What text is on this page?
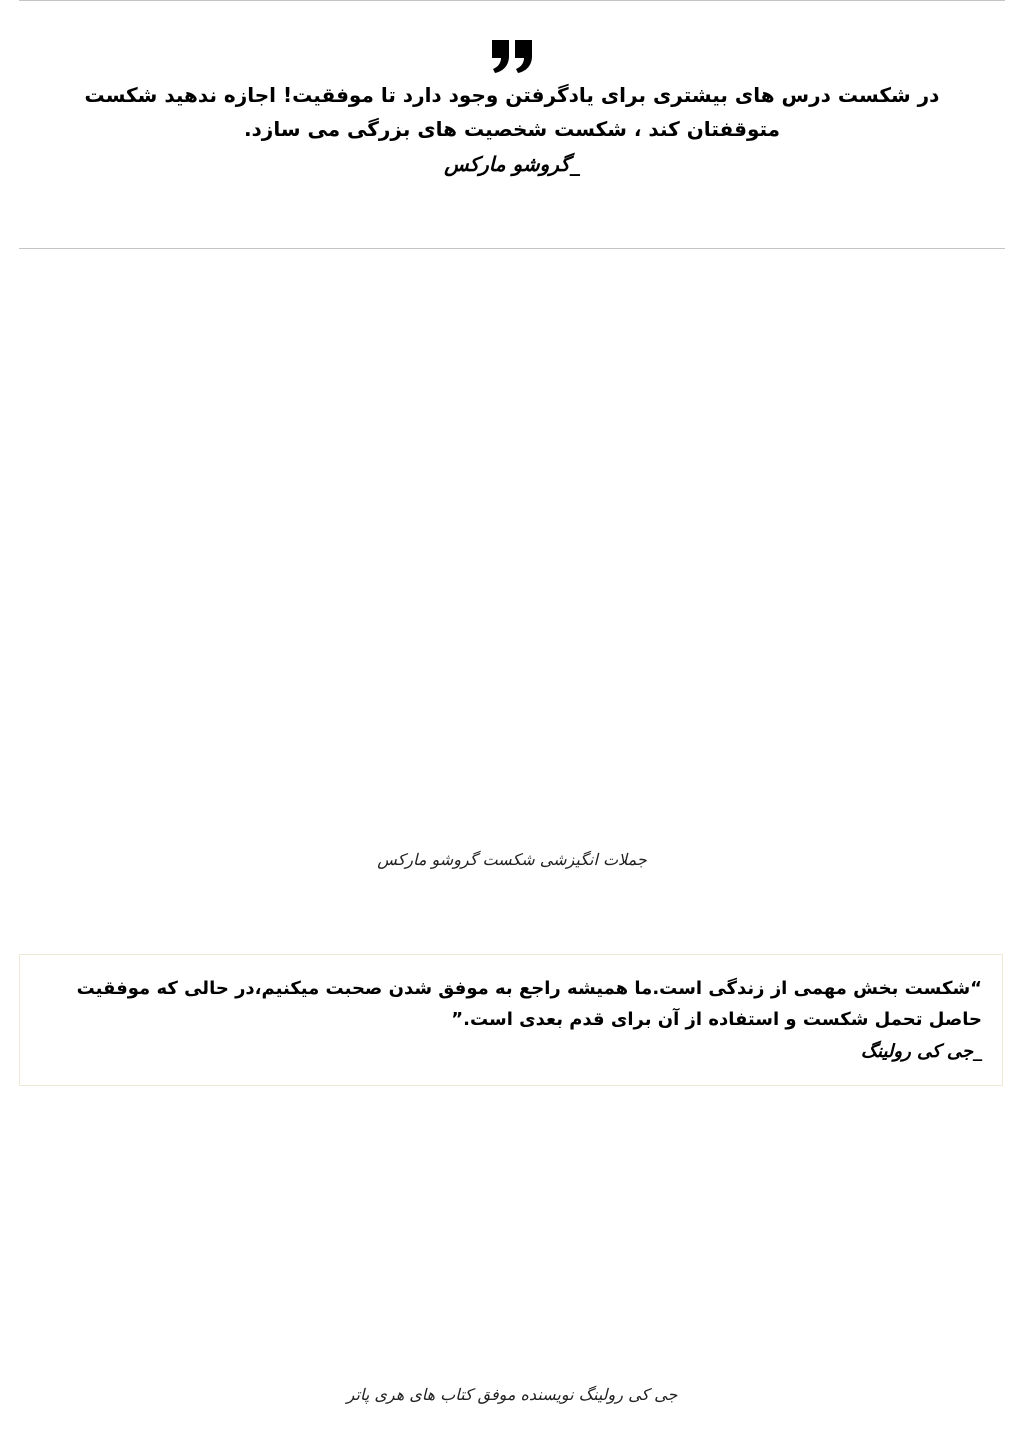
در شکست درس های بیشتری برای یادگرفتن وجود دارد تا موفقیت! اجازه ندهید شکست متوقفتان کند ، شکست شخصیت های بزرگی می سازد.

_گروشو مارکس

جملات انگیزشی شکست گروشو مارکس

“شکست بخش مهمی از زندگی است.ما همیشه راجع به موفق شدن صحبت میکنیم،در حالی که موفقیت حاصل تحمل شکست و استفاده از آن برای قدم بعدی است.”

_جی کی رولینگ

جی کی رولینگ نویسنده موفق کتاب های هری پاتر
